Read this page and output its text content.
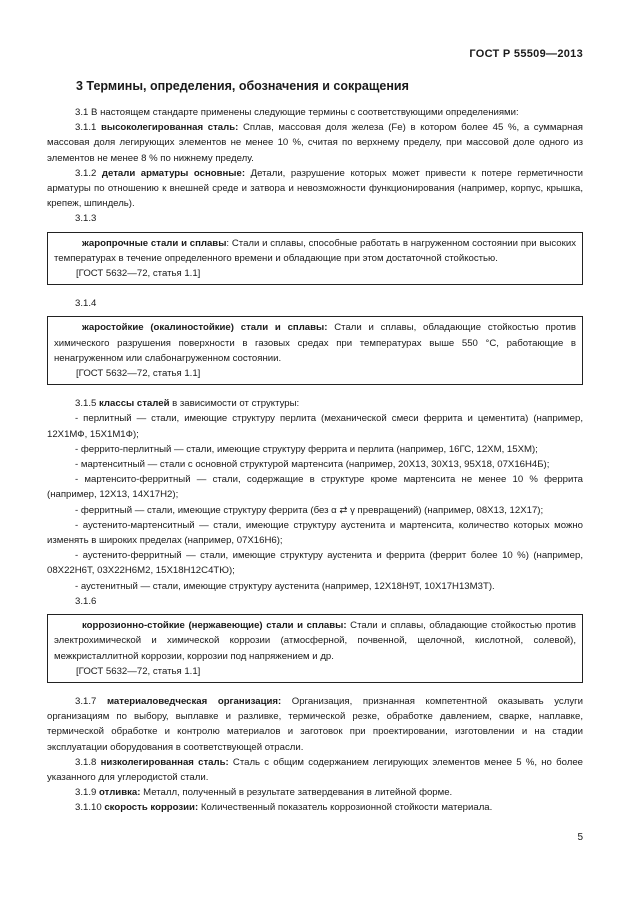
ГОСТ Р 55509—2013
3 Термины, определения, обозначения и сокращения

3.1 В настоящем стандарте применены следующие термины с соответствующими определениями:

3.1.1 высоколегированная сталь: Сплав, массовая доля железа (Fe) в котором более 45 %, а суммарная массовая доля легирующих элементов не менее 10 %, считая по верхнему пределу, при массовой доле одного из элементов не менее 8 % по нижнему пределу.

3.1.2 детали арматуры основные: Детали, разрушение которых может привести к потере герметичности арматуры по отношению к внешней среде и затвора и невозможности функционирования (например, корпус, крышка, крепеж, шпиндель).

3.1.3

жаропрочные стали и сплавы: Стали и сплавы, способные работать в нагруженном состоянии при высоких температурах в течение определенного времени и обладающие при этом достаточной стойкостью.

[ГОСТ 5632—72, статья 1.1]

3.1.4

жаростойкие (окалиностойкие) стали и сплавы: Стали и сплавы, обладающие стойкостью против химического разрушения поверхности в газовых средах при температурах выше 550 °С, работающие в ненагруженном или слабонагруженном состоянии.

[ГОСТ 5632—72, статья 1.1]

3.1.5 классы сталей в зависимости от структуры:

- перлитный — стали, имеющие структуру перлита (механической смеси феррита и цементита) (например, 12Х1МФ, 15Х1М1Ф);

- феррито-перлитный — стали, имеющие структуру феррита и перлита (например, 16ГС, 12ХМ, 15ХМ);

- мартенситный — стали с основной структурой мартенсита (например, 20Х13, 30Х13, 95Х18, 07Х16Н4Б);

- мартенсито-ферритный — стали, содержащие в структуре кроме мартенсита не менее 10 % феррита (например, 12Х13, 14Х17Н2);

- ферритный — стали, имеющие структуру феррита (без α ⇄ γ превращений) (например, 08Х13, 12Х17);

- аустенито-мартенситный — стали, имеющие структуру аустенита и мартенсита, количество которых можно изменять в широких пределах (например, 07Х16Н6);

- аустенито-ферритный — стали, имеющие структуру аустенита и феррита (феррит более 10 %) (например, 08Х22Н6Т, 03Х22Н6М2, 15Х18Н12С4ТЮ);

- аустенитный — стали, имеющие структуру аустенита (например, 12Х18Н9Т, 10Х17Н13М3Т).

3.1.6

коррозионно-стойкие (нержавеющие) стали и сплавы: Стали и сплавы, обладающие стойкостью против электрохимической и химической коррозии (атмосферной, почвенной, щелочной, кислотной, солевой), межкристаллитной коррозии, коррозии под напряжением и др.

[ГОСТ 5632—72, статья 1.1]

3.1.7 материаловедческая организация: Организация, признанная компетентной оказывать услуги организациям по выбору, выплавке и разливке, термической резке, обработке давлением, сварке, наплавке, термической обработке и контролю материалов и заготовок при проектировании, изготовлении и на стадии эксплуатации оборудования в соответствующей отрасли.

3.1.8 низколегированная сталь: Сталь с общим содержанием легирующих элементов менее 5 %, но более указанного для углеродистой стали.

3.1.9 отливка: Металл, полученный в результате затвердевания в литейной форме.

3.1.10 скорость коррозии: Количественный показатель коррозионной стойкости материала.

5
